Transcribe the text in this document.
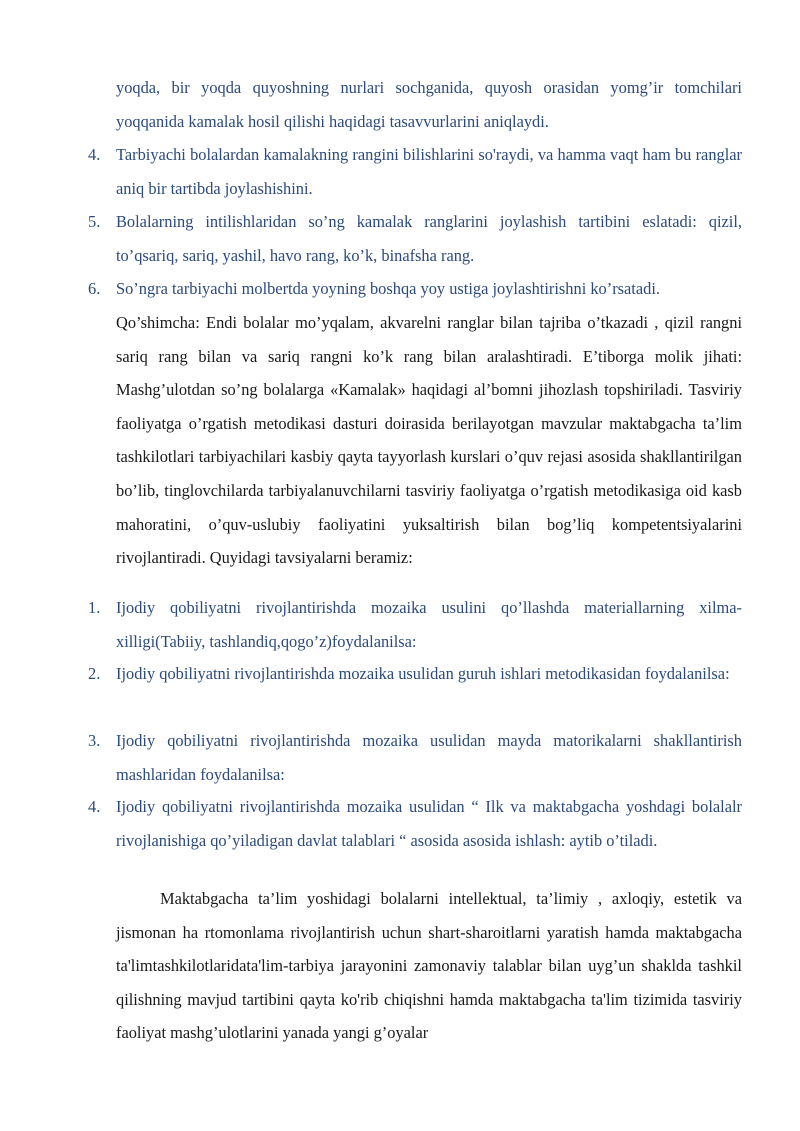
yoqda, bir yoqda quyoshning nurlari sochganida, quyosh orasidan yomg’ir tomchilari yoqqanida kamalak hosil qilishi haqidagi tasavvurlarini aniqlaydi.
4. Tarbiyachi bolalardan kamalakning rangini bilishlarini so'raydi, va hamma vaqt ham bu ranglar aniq bir tartibda joylashishini.
5. Bolalarning intilishlaridan so’ng kamalak ranglarini joylashish tartibini eslatadi: qizil, to’qsariq, sariq, yashil, havo rang, ko’k, binafsha rang.
6. So’ngra tarbiyachi molbertda yoyning boshqa yoy ustiga joylashtirishni ko’rsatadi.
Qo’shimcha: Endi bolalar mo’yqalam, akvarelni ranglar bilan tajriba o’tkazadi , qizil rangni sariq rang bilan va sariq rangni ko’k rang bilan aralashtiradi. E’tiborga molik jihati: Mashg’ulotdan so’ng bolalarga «Kamalak» haqidagi al’bomni jihozlash topshiriladi. Tasviriy faoliyatga o’rgatish metodikasi dasturi doirasida berilayotgan mavzular maktabgacha ta’lim tashkilotlari tarbiyachilari kasbiy qayta tayyorlash kurslari o’quv rejasi asosida shakllantirilgan bo’lib, tinglovchilarda tarbiyalanuvchilarni tasviriy faoliyatga o’rgatish metodikasiga oid kasb mahoratini, o’quv-uslubiy faoliyatini yuksaltirish bilan bog’liq kompetentsiyalarini rivojlantiradi. Quyidagi tavsiyalarni beramiz:
1. Ijodiy qobiliyatni rivojlantirishda mozaika usulini qo’llashda materiallarning xilma-xilligi(Tabiiy, tashlandiq,qogo’z)foydalanilsa:
2. Ijodiy qobiliyatni rivojlantirishda mozaika usulidan guruh ishlari metodikasidan foydalanilsa:
3. Ijodiy qobiliyatni rivojlantirishda mozaika usulidan mayda matorikalarni shakllantirish mashlaridan foydalanilsa:
4. Ijodiy qobiliyatni rivojlantirishda mozaika usulidan “ Ilk va maktabgacha yoshdagi bolalalr rivojlanishiga qo’yiladigan davlat talablari “ asosida asosida ishlash: aytib o’tiladi.
Maktabgacha ta’lim yoshidagi bolalarni intellektual, ta’limiy , axloqiy, estetik va jismonan ha rtomonlama rivojlantirish uchun shart-sharoitlarni yaratish hamda maktabgacha ta'limtashkilotlaridata'lim-tarbiya jarayonini zamonaviy talablar bilan uyg’un shaklda tashkil qilishning mavjud tartibini qayta ko'rib chiqishni hamda maktabgacha ta'lim tizimida tasviriy faoliyat mashg’ulotlarini yanada yangi g’oyalar
